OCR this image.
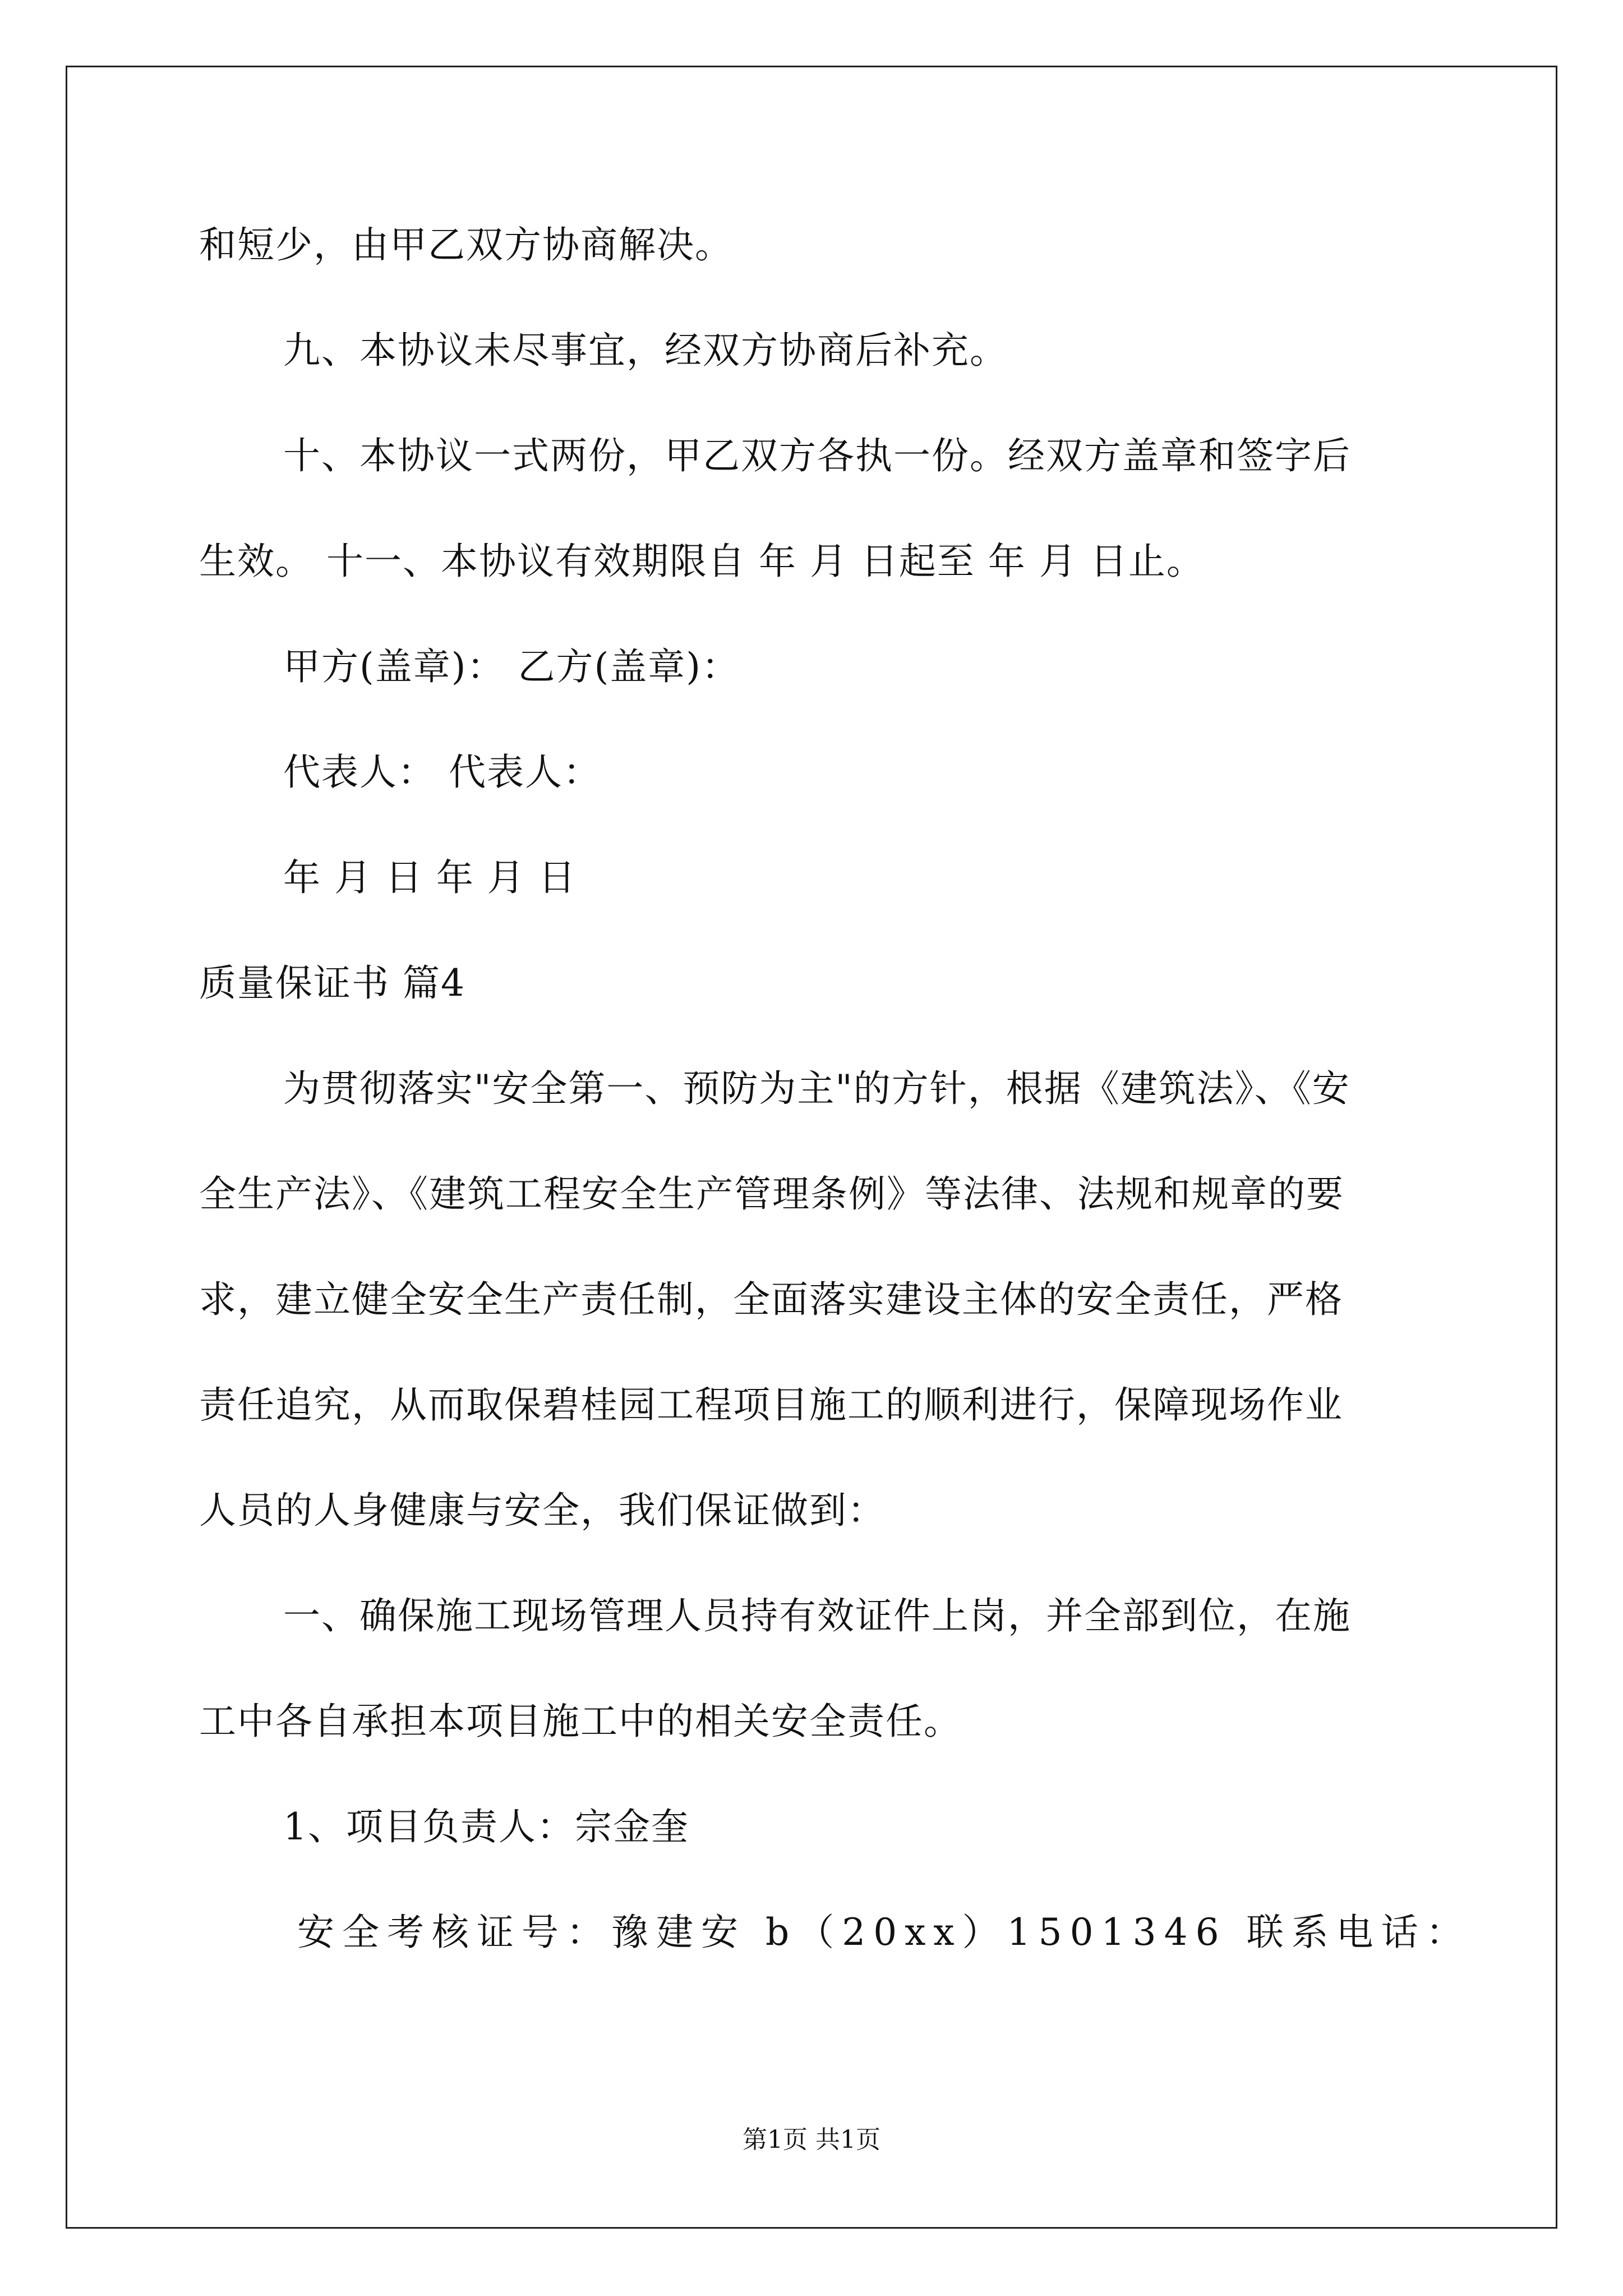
和短少，由甲乙双方协商解决。
九、本协议未尽事宜，经双方协商后补充。
十、本协议一式两份，甲乙双方各执一份。经双方盖章和签字后
生效。 十一、本协议有效期限自 年 月 日起至 年 月 日止。
甲方(盖章)： 乙方(盖章)：
代表人： 代表人：
年 月 日 年 月 日
质量保证书 篇4
为贯彻落实"安全第一、预防为主"的方针，根据《建筑法》、《安
全生产法》、《建筑工程安全生产管理条例》等法律、法规和规章的要
求，建立健全安全生产责任制，全面落实建设主体的安全责任，严格
责任追究，从而取保碧桂园工程项目施工的顺利进行，保障现场作业
人员的人身健康与安全，我们保证做到：
一、确保施工现场管理人员持有效证件上岗，并全部到位，在施
工中各自承担本项目施工中的相关安全责任。
1、项目负责人：宗金奎
安全考核证号：豫建安 b（20xx）1501346 联系电话：
第1页 共1页
